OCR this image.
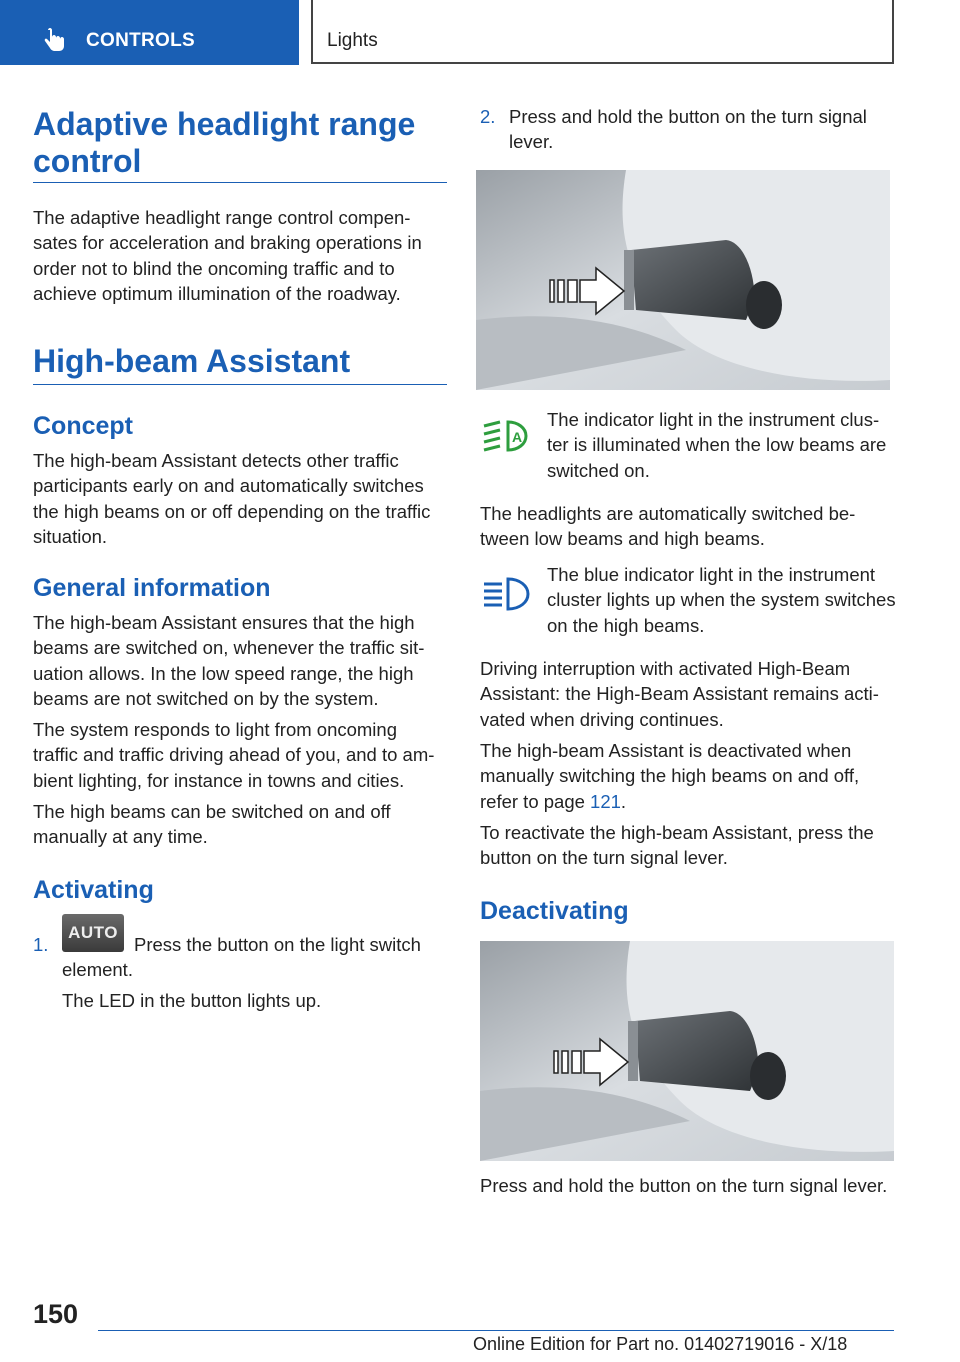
CONTROLS	Lights
Adaptive headlight range
control

The adaptive headlight range control compen‐ sates for acceleration and braking operations in order not to blind the oncoming traffic and to achieve optimum illumination of the roadway.

High-beam Assistant
Concept

The high-beam Assistant detects other traffic participants early on and automatically switches the high beams on or off depending on the traffic situation.

General information

The high-beam Assistant ensures that the high beams are switched on, whenever the traffic sit‐ uation allows. In the low speed range, the high beams are not switched on by the system.

The system responds to light from oncoming traffic and traffic driving ahead of you, and to am‐ bient lighting, for instance in towns and cities.

The high beams can be switched on and off manually at any time.

Activating
1.
AUTO

Press the button on the light switch element.

The LED in the button lights up.

2. Press and hold the button on the turn signal lever.

A

The indicator light in the instrument clus‐ ter is illuminated when the low beams are switched on.

The headlights are automatically switched be‐ tween low beams and high beams.

The blue indicator light in the instrument cluster lights up when the system switches on the high beams.

Driving interruption with activated High-Beam Assistant: the High-Beam Assistant remains acti‐ vated when driving continues.

The high-beam Assistant is deactivated when manually switching the high beams on and off, refer to page 121.

To reactivate the high-beam Assistant, press the button on the turn signal lever.

Deactivating

Press and hold the button on the turn signal lever.

150
Online Edition for Part no. 01402719016 - X/18
